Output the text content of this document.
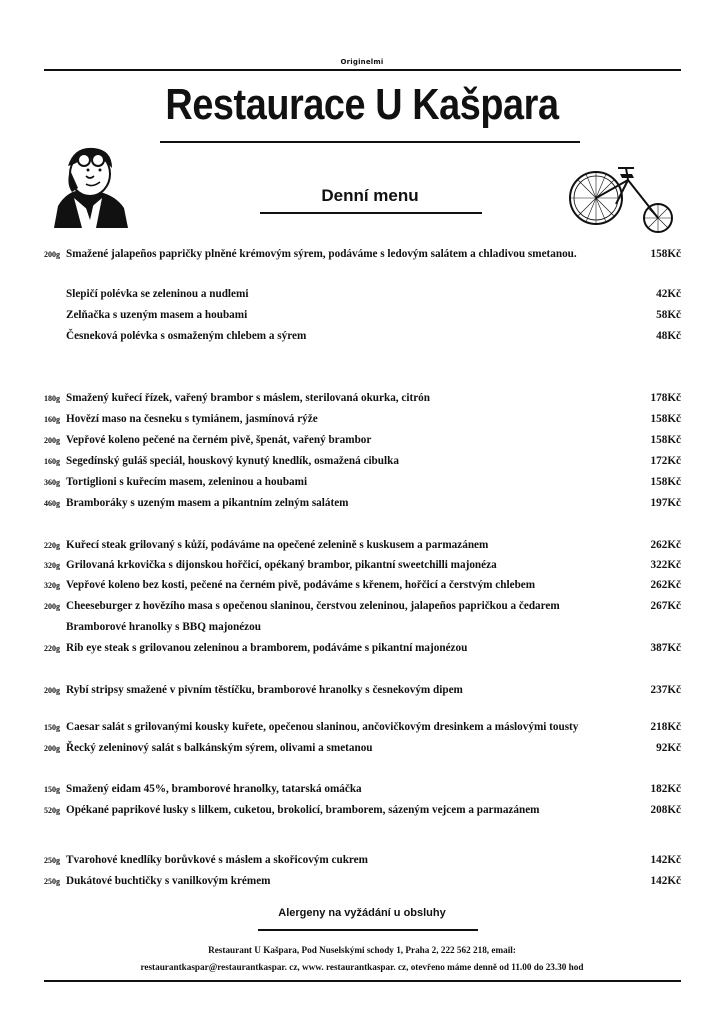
Originelmi
Restaurace U Kašpara
Denní menu
200g Smažené jalapeños papričky plněné krémovým sýrem, podáváme s ledovým salátem a chladivou smetanou.	158Kč
Slepičí polévka se zeleninou a nudlemi	42Kč
Zelňačka s uzeným masem a houbami	58Kč
Česneková polévka s osmaženým chlebem a sýrem	48Kč
180g Smažený kuřecí řízek, vařený brambor s máslem, sterilovaná okurka, citrón	178Kč
160g Hovězí maso na česneku s tymiánem, jasmínová rýže	158Kč
200g Vepřové koleno pečené na černém pivě, špenát, vařený brambor	158Kč
160g Segedínský guláš speciál, houskový kynutý knedlík, osmažená cibulka	172Kč
360g Tortiglioni s kuřecím masem, zeleninou a houbami	158Kč
460g Bramboráky s uzeným masem a pikantním zelným salátem	197Kč
220g Kuřecí steak grilovaný s kůží, podáváme na opečené zelenině s kuskusem a parmazánem	262Kč
320g Grilovaná krkovička s dijonskou hořčicí, opékaný brambor, pikantní sweetchilli majonéza	322Kč
320g Vepřové koleno bez kosti, pečené na černém pivě, podáváme s křenem, hořčicí a čerstvým chlebem	262Kč
200g Cheeseburger z hovězího masa s opečenou slaninou, čerstvou zeleninou, jalapeños papričkou a čedarem	267Kč
Bramborové hranolky s BBQ majonézou
220g Rib eye steak s grilovanou zeleninou a bramborem, podáváme s pikantní majonézou	387Kč
200g Rybí stripsy smažené v pivním těstíčku, bramborové hranolky s česnekovým dipem	237Kč
150g Caesar salát s grilovanými kousky kuřete, opečenou slaninou, ančovičkovým dresinkem a máslovými tousty	218Kč
200g Řecký zeleninový salát s balkánským sýrem, olivami a smetanou	92Kč
150g Smažený eidam 45%, bramborové hranolky, tatarská omáčka	182Kč
520g Opékané paprikové lusky s lilkem, cuketou, brokolicí, bramborem, sázeným vejcem a parmazánem	208Kč
250g Tvarohové knedlíky borůvkové s máslem a skořicovým cukrem	142Kč
250g Dukátové buchtičky s vanilkovým krémem	142Kč
Alergeny na vyžádání u obsluhy
Restaurant U Kašpara, Pod Nuselskými schody 1, Praha 2, 222 562 218, email:
restaurantkaspar@restaurantkaspar. cz, www. restaurantkaspar. cz, otevřeno máme denně od 11.00 do 23.30 hod
